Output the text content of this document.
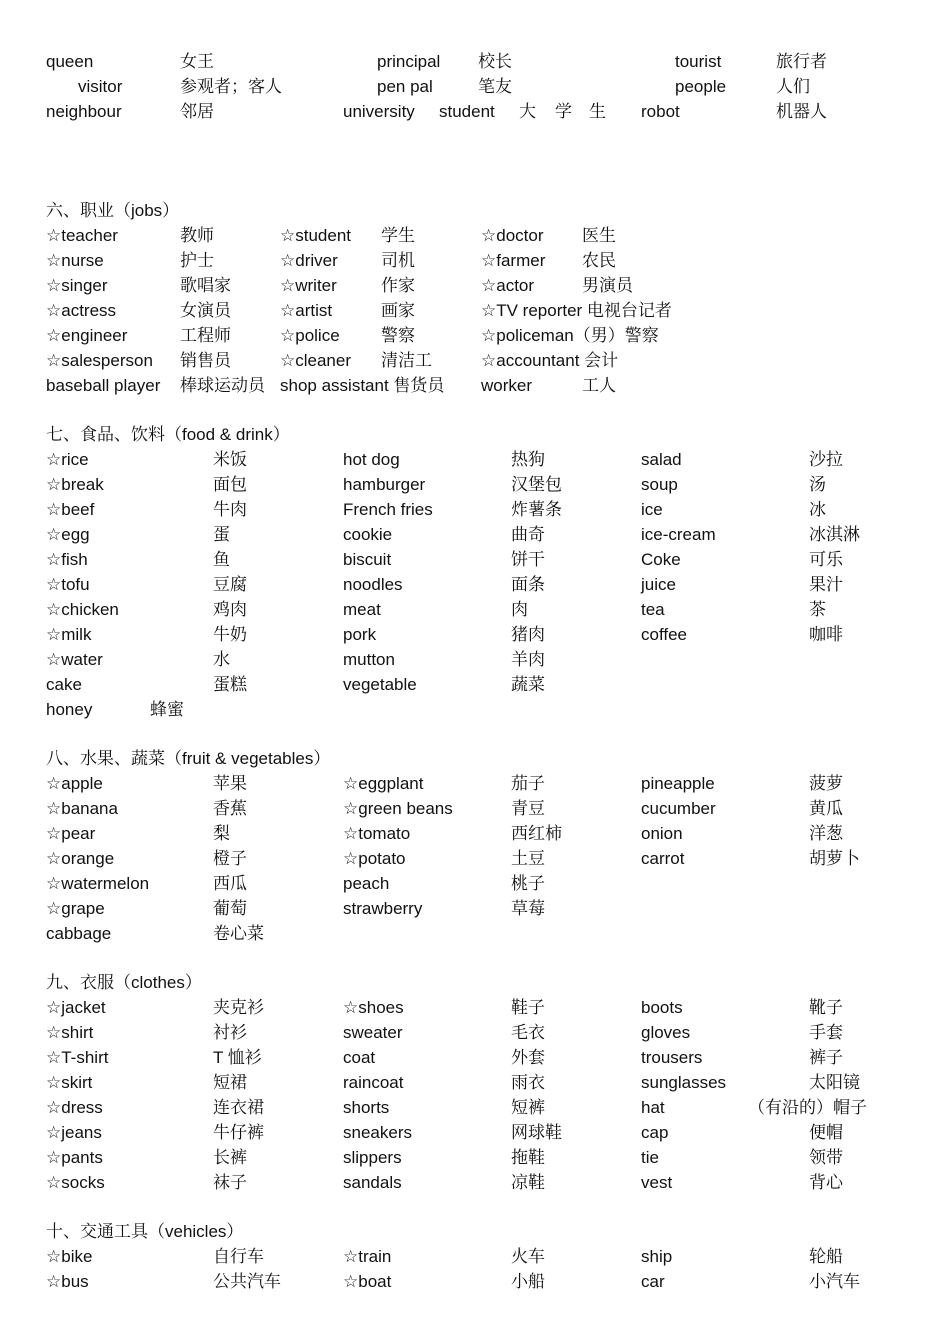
queen	女王	principal 校长	tourist	旅行者
visitor	参观者；客人	pen pal	笔友	people	人们
neighbour	邻居	university student 大 学 生 robot	机器人
六、职业（jobs）
☆teacher	教师	☆student 学生	☆doctor 医生
☆nurse	护士	☆driver	司机	☆farmer 农民
☆singer	歌唱家	☆writer	作家	☆actor	男演员
☆actress	女演员	☆artist	画家	☆TV reporter 电视台记者
☆engineer	工程师	☆police 警察	☆policeman（男）警察
☆salesperson 销售员	☆cleaner 清洁工	☆accountant 会计
baseball player 棒球运动员 shop assistant 售货员 worker	工人
七、食品、饮料（food & drink）
☆rice	米饭	hot dog	热狗	salad	沙拉
☆break	面包	hamburger	汉堡包	soup	汤
☆beef	牛肉	French fries	炸薯条	ice	冰
☆egg	蛋	cookie	曲奇	ice-cream	冰淇淋
☆fish	鱼	biscuit	饼干	Coke	可乐
☆tofu	豆腐	noodles	面条	juice	果汁
☆chicken	鸡肉	meat	肉	tea	茶
☆milk	牛奶	pork	猪肉	coffee	咖啡
☆water	水	mutton	羊肉
cake	蛋糕	vegetable	蔬菜
honey	蜂蜜
八、水果、蔬菜（fruit & vegetables）
☆apple	苹果	☆eggplant	茄子	pineapple	菠萝
☆banana	香蕉	☆green beans	青豆	cucumber	黄瓜
☆pear	梨	☆tomato	西红柿	onion	洋葱
☆orange	橙子	☆potato	土豆	carrot	胡萝卜
☆watermelon	西瓜	peach	桃子
☆grape	葡萄	strawberry	草莓
cabbage	卷心菜
九、衣服（clothes）
☆jacket	夹克衫	☆shoes	鞋子	boots	靴子
☆shirt	衬衫	sweater	毛衣	gloves	手套
☆T-shirt	T 恤衫	coat	外套	trousers	裤子
☆skirt	短裙	raincoat	雨衣	sunglasses	太阳镜
☆dress	连衣裙	shorts	短裤	hat	（有沿的）帽子
☆jeans	牛仔裤	sneakers	网球鞋	cap	便帽
☆pants	长裤	slippers	拖鞋	tie	领带
☆socks	袜子	sandals	凉鞋	vest	背心
十、交通工具（vehicles）
☆bike	自行车	☆train	火车	ship	轮船
☆bus	公共汽车	☆boat	小船	car	小汽车
